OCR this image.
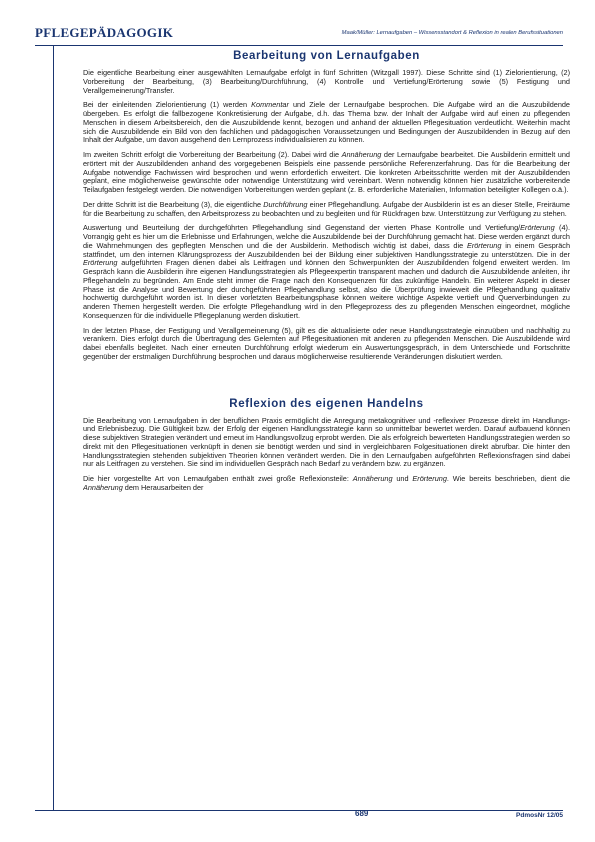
PFLEGEPÄDAGOGIK	Maak/Müller: Lernaufgaben – Wissensstandort & Reflexion in realen Berufssituationen
Bearbeitung von Lernaufgaben

Die eigentliche Bearbeitung einer ausgewählten Lernaufgabe erfolgt in fünf Schritten (Witzgall 1997). Diese Schritte sind (1) Zielorientierung, (2) Vorbereitung der Bearbeitung, (3) Bearbeitung/Durchführung, (4) Kontrolle und Vertiefung/Erörterung sowie (5) Festigung und Verallgemeinerung/Transfer.

Bei der einleitenden Zielorientierung (1) werden Kommentar und Ziele der Lernaufgabe besprochen. Die Aufgabe wird an die Auszubildende übergeben. Es erfolgt die fallbezogene Konkretisierung der Aufgabe, d.h. das Thema bzw. der Inhalt der Aufgabe wird auf einen zu pflegenden Menschen in diesem Arbeitsbereich, den die Auszubildende kennt, bezogen und anhand der aktuellen Pflegesituation verdeutlicht. Weiterhin macht sich die Auszubildende ein Bild von den fachlichen und pädagogischen Voraussetzungen und Bedingungen der Auszubildenden in Bezug auf den Inhalt der Aufgabe, um davon ausgehend den Lernprozess individualisieren zu können.

Im zweiten Schritt erfolgt die Vorbereitung der Bearbeitung (2). Dabei wird die Annäherung der Lernaufgabe bearbeitet. Die Ausbilderin ermittelt und erörtert mit der Auszubildenden anhand des vorgegebenen Beispiels eine passende persönliche Referenzerfahrung. Das für die Bearbeitung der Aufgabe notwendige Fachwissen wird besprochen und wenn erforderlich erweitert. Die konkreten Arbeitsschritte werden mit der Auszubildenden geplant, eine möglicherweise gewünschte oder notwendige Unterstützung wird vereinbart. Wenn notwendig können hier zusätzliche vorbereitende Teilaufgaben festgelegt werden. Die notwendigen Vorbereitungen werden geplant (z. B. erforderliche Materialien, Information beteiligter Kollegen o.ä.).

Der dritte Schritt ist die Bearbeitung (3), die eigentliche Durchführung einer Pflegehandlung. Aufgabe der Ausbilderin ist es an dieser Stelle, Freiräume für die Bearbeitung zu schaffen, den Arbeitsprozess zu beobachten und zu begleiten und für Rückfragen bzw. Unterstützung zur Verfügung zu stehen.

Auswertung und Beurteilung der durchgeführten Pflegehandlung sind Gegenstand der vierten Phase Kontrolle und Vertiefung/Erörterung (4). Vorrangig geht es hier um die Erlebnisse und Erfahrungen, welche die Auszubildende bei der Durchführung gemacht hat. Diese werden ergänzt durch die Wahrnehmungen des gepflegten Menschen und die der Ausbilderin. Methodisch wichtig ist dabei, dass die Erörterung in einem Gespräch stattfindet, um den internen Klärungsprozess der Auszubildenden bei der Bildung einer subjektiven Handlungsstrategie zu unterstützen. Die in der Erörterung aufgeführten Fragen dienen dabei als Leitfragen und können den Schwerpunkten der Auszubildenden folgend erweitert werden. Im Gespräch kann die Ausbilderin ihre eigenen Handlungsstrategien als Pflegeexpertin transparent machen und dadurch die Auszubildende anleiten, ihr Pflegehandeln zu begründen. Am Ende steht immer die Frage nach den Konsequenzen für das zukünftige Handeln. Ein weiterer Aspekt in dieser Phase ist die Analyse und Bewertung der durchgeführten Pflegehandlung selbst, also die Überprüfung inwieweit die Pflegehandlung qualitativ hochwertig durchgeführt worden ist. In dieser vorletzten Bearbeitungsphase können weitere wichtige Aspekte vertieft und Querverbindungen zu anderen Themen hergestellt werden. Die erfolgte Pflegehandlung wird in den Pflegeprozess des zu pflegenden Menschen eingeordnet, mögliche Konsequenzen für die individuelle Pflegeplanung werden diskutiert.

In der letzten Phase, der Festigung und Verallgemeinerung (5), gilt es die aktualisierte oder neue Handlungsstrategie einzuüben und nachhaltig zu verankern. Dies erfolgt durch die Übertragung des Gelernten auf Pflegesituationen mit anderen zu pflegenden Menschen. Die Auszubildende wird dabei ebenfalls begleitet. Nach einer erneuten Durchführung erfolgt wiederum ein Auswertungsgespräch, in dem Unterschiede und Fortschritte gegenüber der erstmaligen Durchführung besprochen und daraus möglicherweise resultierende Veränderungen diskutiert werden.

Reflexion des eigenen Handelns

Die Bearbeitung von Lernaufgaben in der beruflichen Praxis ermöglicht die Anregung metakognitiver und -reflexiver Prozesse direkt im Handlungs- und Erlebnisbezug. Die Gültigkeit bzw. der Erfolg der eigenen Handlungsstrategie kann so unmittelbar bewertet werden. Darauf aufbauend können diese subjektiven Strategien verändert und erneut im Handlungsvollzug erprobt werden. Die als erfolgreich bewerteten Handlungsstrategien werden so direkt mit den Pflegesituationen verknüpft in denen sie benötigt werden und sind in vergleichbaren Folgesituationen direkt abrufbar. Die hinter den Handlungsstrategien stehenden subjektiven Theorien können verändert werden. Die in den Lernaufgaben aufgeführten Reflexionsfragen sind dabei nur als Leitfragen zu verstehen. Sie sind im individuellen Gespräch nach Bedarf zu verändern bzw. zu ergänzen.

Die hier vorgestellte Art von Lernaufgaben enthält zwei große Reflexionsteile: Annäherung und Erörterung. Wie bereits beschrieben, dient die Annäherung dem Herausarbeiten der

689	PdmosNr 12/05
